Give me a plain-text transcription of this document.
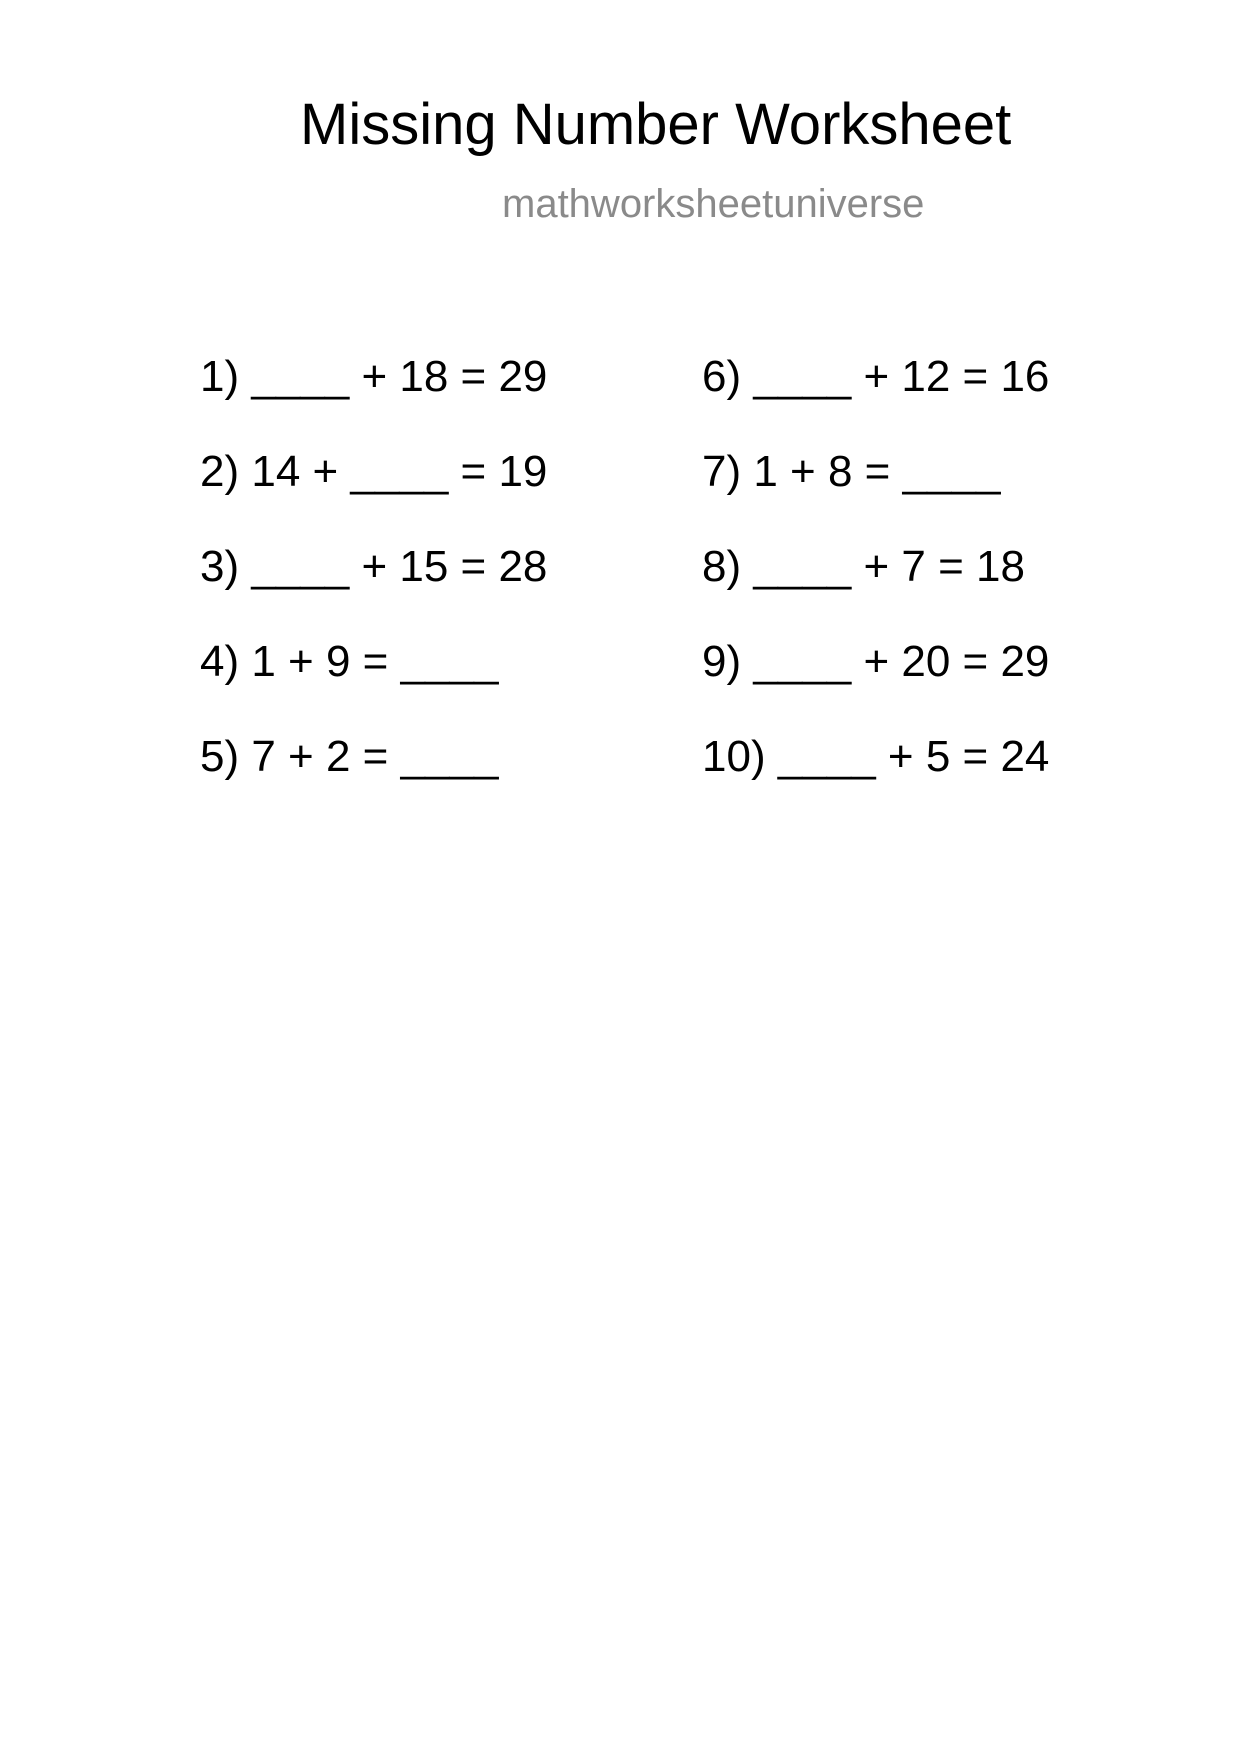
Missing Number Worksheet
mathworksheetuniverse
1) ____ + 18 = 29
2) 14 + ____ = 19
3) ____ + 15 = 28
4) 1 + 9 = ____
5) 7 + 2 = ____
6) ____ + 12 = 16
7) 1 + 8 = ____
8) ____ + 7 = 18
9) ____ + 20 = 29
10) ____ + 5 = 24
